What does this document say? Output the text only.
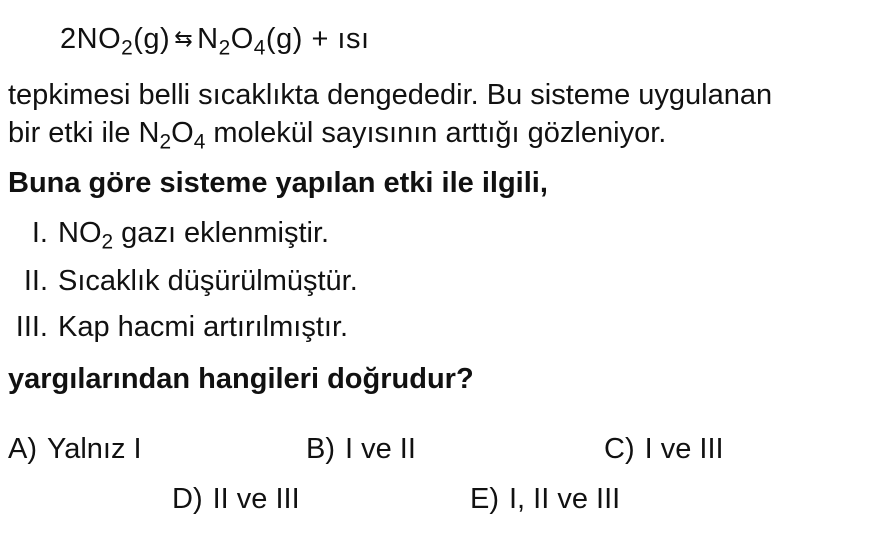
$2NO_2(g)$ ⇆ $N_2O_4(g)$ + ısı
tepkimesi belli sıcaklıkta dengededir. Bu sisteme uygulanan
bir etki ile $N_2O_4$ molekül sayısının arttığı gözleniyor.
Buna göre sisteme yapılan etki ile ilgili,
I. $NO_2$ gazı eklenmiştir.
II. Sıcaklık düşürülmüştür.
III. Kap hacmi artırılmıştır.
yargılarından hangileri doğrudur?
A) Yalnız I	B) I ve II	C) I ve III
D) II ve III	E) I, II ve III
